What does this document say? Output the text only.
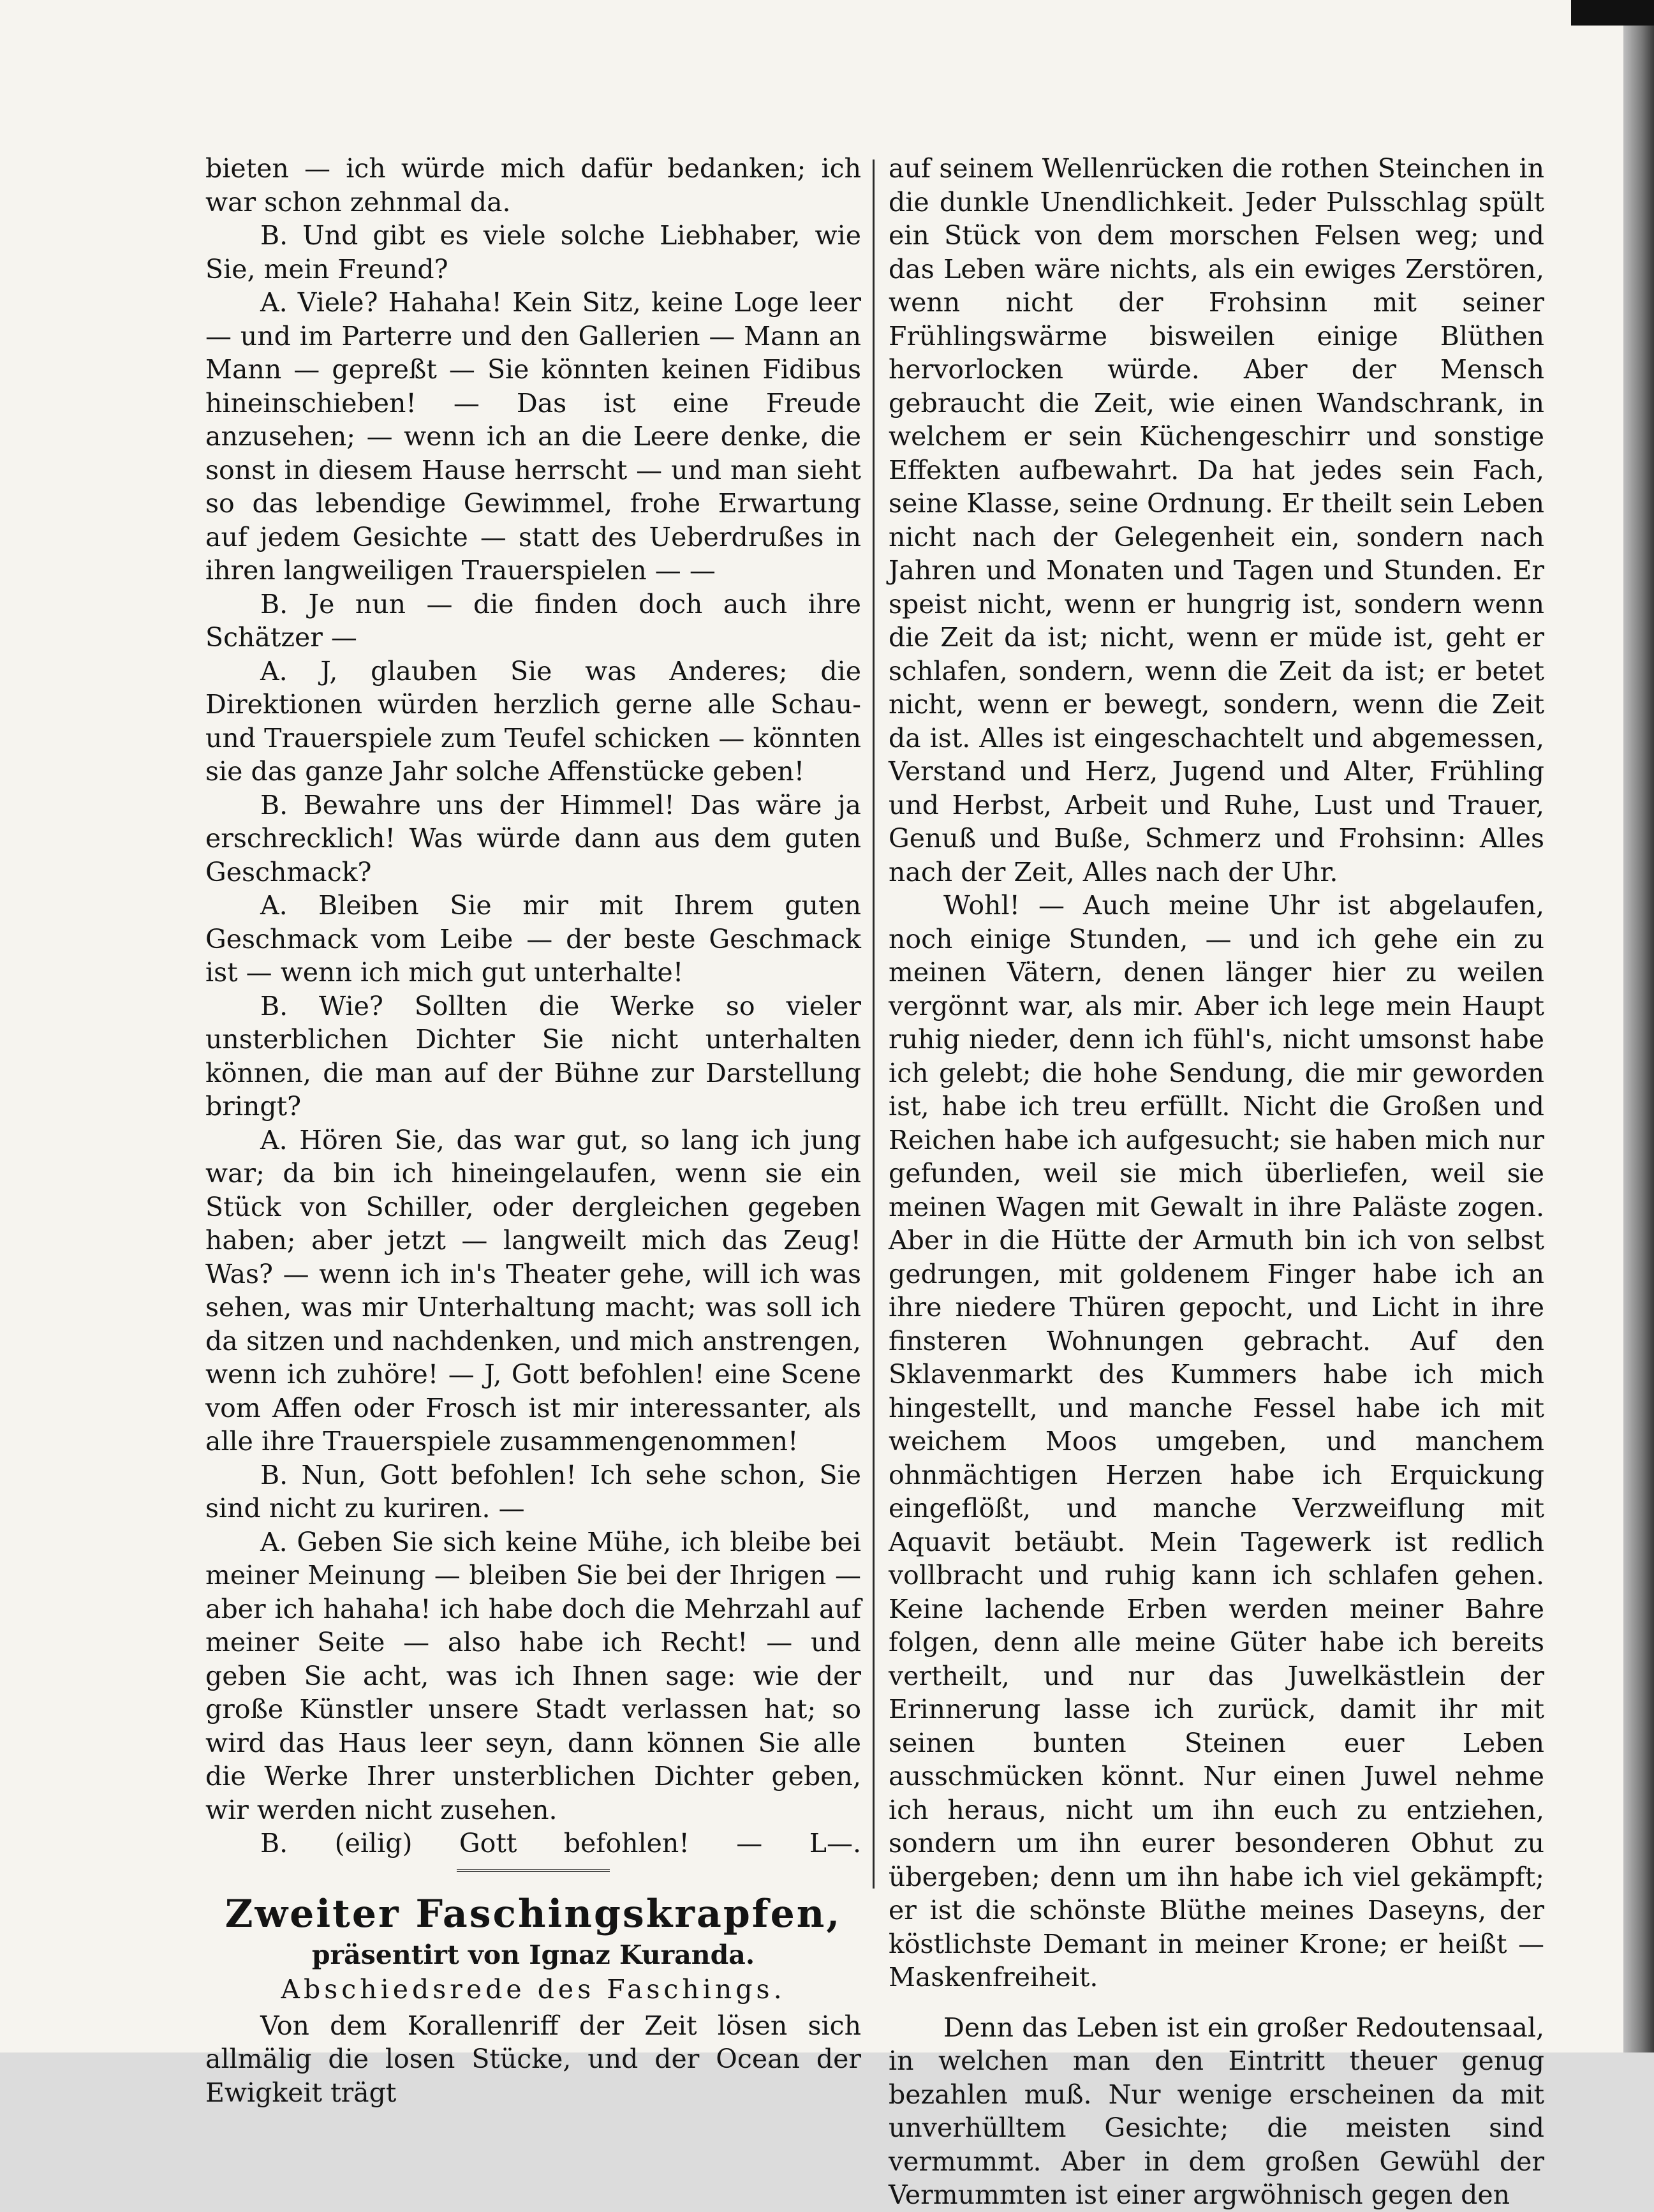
bieten — ich würde mich dafür bedanken; ich war schon zehnmal da.

B. Und gibt es viele solche Liebhaber, wie Sie, mein Freund?

A. Viele? Hahaha! Kein Sitz, keine Loge leer — und im Parterre und den Gallerien — Mann an Mann — gepreßt — Sie könnten keinen Fidibus hineinschieben! — Das ist eine Freude anzusehen; — wenn ich an die Leere denke, die sonst in diesem Hause herrscht — und man sieht so das lebendige Gewimmel, frohe Erwartung auf jedem Gesichte — statt des Ueberdrußes in ihren langweiligen Trauerspielen — —

B. Je nun — die finden doch auch ihre Schätzer —

A. J, glauben Sie was Anderes; die Direktionen würden herzlich gerne alle Schau- und Trauerspiele zum Teufel schicken — könnten sie das ganze Jahr solche Affenstücke geben!

B. Bewahre uns der Himmel! Das wäre ja erschrecklich! Was würde dann aus dem guten Geschmack?

A. Bleiben Sie mir mit Ihrem guten Geschmack vom Leibe — der beste Geschmack ist — wenn ich mich gut unterhalte!

B. Wie? Sollten die Werke so vieler unsterblichen Dichter Sie nicht unterhalten können, die man auf der Bühne zur Darstellung bringt?

A. Hören Sie, das war gut, so lang ich jung war; da bin ich hineingelaufen, wenn sie ein Stück von Schiller, oder dergleichen gegeben haben; aber jetzt — langweilt mich das Zeug! Was? — wenn ich in's Theater gehe, will ich was sehen, was mir Unterhaltung macht; was soll ich da sitzen und nachdenken, und mich anstrengen, wenn ich zuhöre! — J, Gott befohlen! eine Scene vom Affen oder Frosch ist mir interessanter, als alle ihre Trauerspiele zusammengenommen!

B. Nun, Gott befohlen! Ich sehe schon, Sie sind nicht zu kuriren. —

A. Geben Sie sich keine Mühe, ich bleibe bei meiner Meinung — bleiben Sie bei der Ihrigen — aber ich hahaha! ich habe doch die Mehrzahl auf meiner Seite — also habe ich Recht! — und geben Sie acht, was ich Ihnen sage: wie der große Künstler unsere Stadt verlassen hat; so wird das Haus leer seyn, dann können Sie alle die Werke Ihrer unsterblichen Dichter geben, wir werden nicht zusehen.

B. (eilig) Gott befohlen! — L—.

Zweiter Faschingskrapfen,
präsentirt von Ignaz Kuranda.
Abschiedsrede des Faschings.

Von dem Korallenriff der Zeit lösen sich allmälig die losen Stücke, und der Ocean der Ewigkeit trägt

auf seinem Wellenrücken die rothen Steinchen in die dunkle Unendlichkeit. Jeder Pulsschlag spült ein Stück von dem morschen Felsen weg; und das Leben wäre nichts, als ein ewiges Zerstören, wenn nicht der Frohsinn mit seiner Frühlingswärme bisweilen einige Blüthen hervorlocken würde. Aber der Mensch gebraucht die Zeit, wie einen Wandschrank, in welchem er sein Küchengeschirr und sonstige Effekten aufbewahrt. Da hat jedes sein Fach, seine Klasse, seine Ordnung. Er theilt sein Leben nicht nach der Gelegenheit ein, sondern nach Jahren und Monaten und Tagen und Stunden. Er speist nicht, wenn er hungrig ist, sondern wenn die Zeit da ist; nicht, wenn er müde ist, geht er schlafen, sondern, wenn die Zeit da ist; er betet nicht, wenn er bewegt, sondern, wenn die Zeit da ist. Alles ist eingeschachtelt und abgemessen, Verstand und Herz, Jugend und Alter, Frühling und Herbst, Arbeit und Ruhe, Lust und Trauer, Genuß und Buße, Schmerz und Frohsinn: Alles nach der Zeit, Alles nach der Uhr.

Wohl! — Auch meine Uhr ist abgelaufen, noch einige Stunden, — und ich gehe ein zu meinen Vätern, denen länger hier zu weilen vergönnt war, als mir. Aber ich lege mein Haupt ruhig nieder, denn ich fühl's, nicht umsonst habe ich gelebt; die hohe Sendung, die mir geworden ist, habe ich treu erfüllt. Nicht die Großen und Reichen habe ich aufgesucht; sie haben mich nur gefunden, weil sie mich überliefen, weil sie meinen Wagen mit Gewalt in ihre Paläste zogen. Aber in die Hütte der Armuth bin ich von selbst gedrungen, mit goldenem Finger habe ich an ihre niedere Thüren gepocht, und Licht in ihre finsteren Wohnungen gebracht. Auf den Sklavenmarkt des Kummers habe ich mich hingestellt, und manche Fessel habe ich mit weichem Moos umgeben, und manchem ohnmächtigen Herzen habe ich Erquickung eingeflößt, und manche Verzweiflung mit Aquavit betäubt. Mein Tagewerk ist redlich vollbracht und ruhig kann ich schlafen gehen. Keine lachende Erben werden meiner Bahre folgen, denn alle meine Güter habe ich bereits vertheilt, und nur das Juwelkästlein der Erinnerung lasse ich zurück, damit ihr mit seinen bunten Steinen euer Leben ausschmücken könnt. Nur einen Juwel nehme ich heraus, nicht um ihn euch zu entziehen, sondern um ihn eurer besonderen Obhut zu übergeben; denn um ihn habe ich viel gekämpft; er ist die schönste Blüthe meines Daseyns, der köstlichste Demant in meiner Krone; er heißt — Maskenfreiheit.

Denn das Leben ist ein großer Redoutensaal, in welchen man den Eintritt theuer genug bezahlen muß. Nur wenige erscheinen da mit unverhülltem Gesichte; die meisten sind vermummt. Aber in dem großen Gewühl der Vermummten ist einer argwöhnisch gegen den
